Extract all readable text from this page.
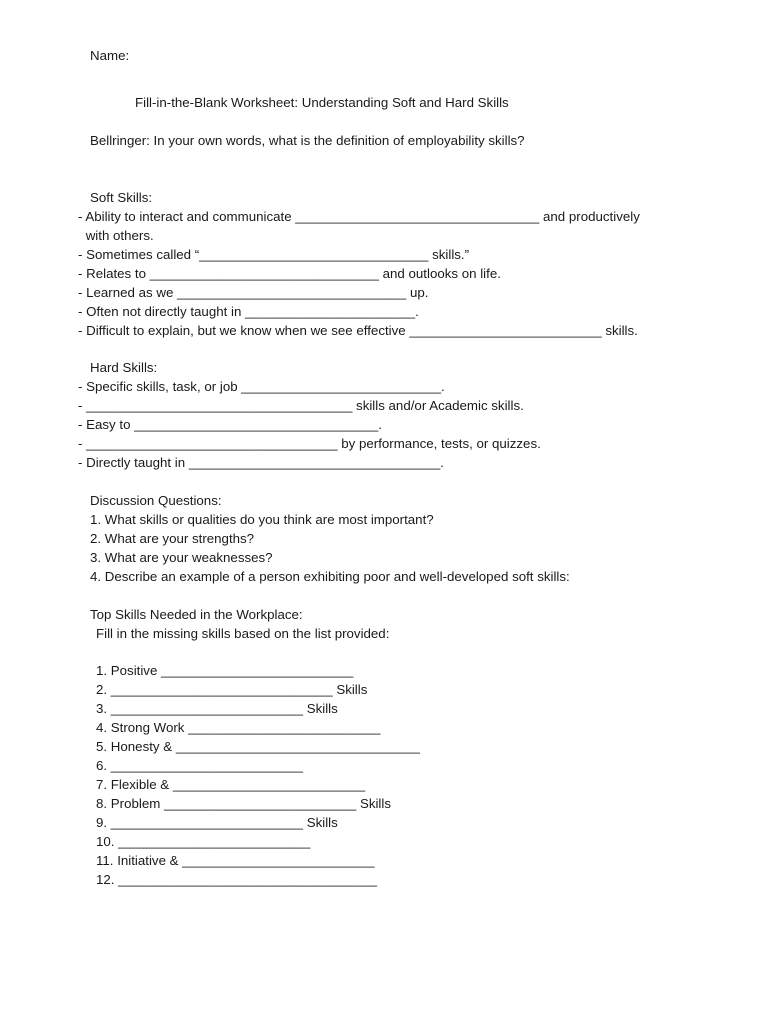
Name:
Fill-in-the-Blank Worksheet: Understanding Soft and Hard Skills
Bellringer: In your own words, what is the definition of employability skills?
Soft Skills:
- Ability to interact and communicate _________________________________ and productively
with others.
- Sometimes called “_______________________________ skills.”
- Relates to _______________________________ and outlooks on life.
- Learned as we _______________________________ up.
- Often not directly taught in _______________________.
- Difficult to explain, but we know when we see effective __________________________ skills.
Hard Skills:
- Specific skills, task, or job ___________________________.
- ____________________________________ skills and/or Academic skills.
- Easy to _________________________________.
- __________________________________ by performance, tests, or quizzes.
- Directly taught in __________________________________.
Discussion Questions:
1. What skills or qualities do you think are most important?
2. What are your strengths?
3. What are your weaknesses?
4. Describe an example of a person exhibiting poor and well-developed soft skills:
Top Skills Needed in the Workplace:
Fill in the missing skills based on the list provided:
1. Positive __________________________
2. ______________________________ Skills
3. __________________________ Skills
4. Strong Work __________________________
5. Honesty & _________________________________
6. __________________________
7. Flexible & __________________________
8. Problem __________________________ Skills
9. __________________________ Skills
10. __________________________
11. Initiative & __________________________
12. ___________________________________
